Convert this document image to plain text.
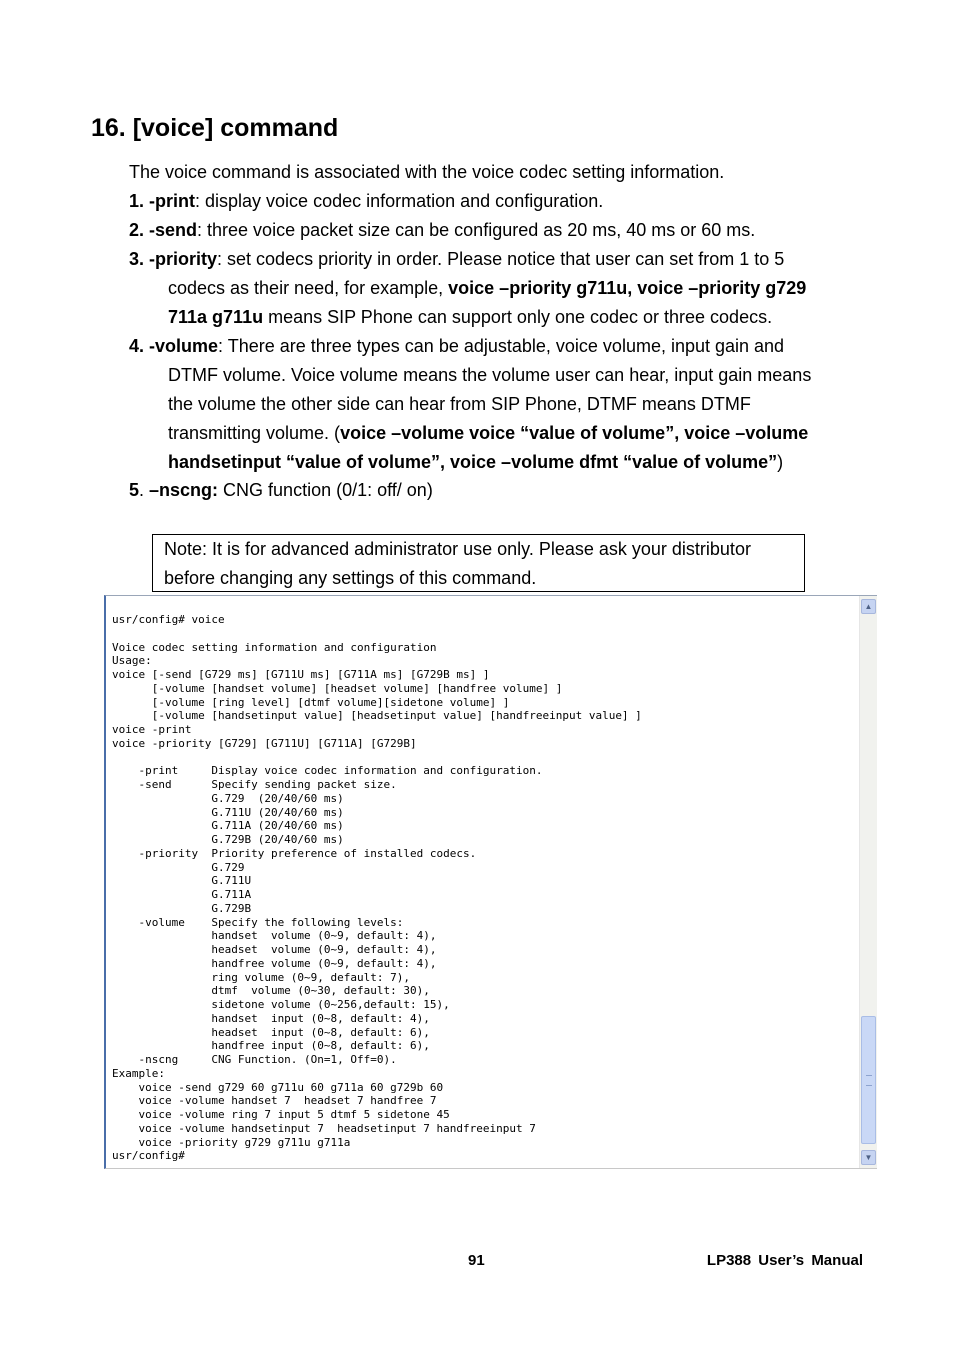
16. [voice] command
The voice command is associated with the voice codec setting information.
1. -print: display voice codec information and configuration.
2. -send: three voice packet size can be configured as 20 ms, 40 ms or 60 ms.
3. -priority: set codecs priority in order. Please notice that user can set from 1 to 5
codecs as their need, for example, voice –priority g711u, voice –priority g729
711a g711u means SIP Phone can support only one codec or three codecs.
4. -volume: There are three types can be adjustable, voice volume, input gain and
DTMF volume. Voice volume means the volume user can hear, input gain means
the volume the other side can hear from SIP Phone, DTMF means DTMF
transmitting volume. (voice –volume voice “value of volume”, voice –volume
handsetinput “value of volume”, voice –volume dfmt “value of volume”)
5. –nscng: CNG function (0/1: off/ on)
Note: It is for advanced administrator use only. Please ask your distributor
before changing any settings of this command.
usr/config# voice

Voice codec setting information and configuration
Usage:
voice [-send [G729 ms] [G711U ms] [G711A ms] [G729B ms] ]
[-volume [handset volume] [headset volume] [handfree volume] ]
[-volume [ring level] [dtmf volume][sidetone volume] ]
[-volume [handsetinput value] [headsetinput value] [handfreeinput value] ]
voice -print
voice -priority [G729] [G711U] [G711A] [G729B]

-print     Display voice codec information and configuration.
-send      Specify sending packet size.
G.729  (20/40/60 ms)
G.711U (20/40/60 ms)
G.711A (20/40/60 ms)
G.729B (20/40/60 ms)
-priority  Priority preference of installed codecs.
G.729
G.711U
G.711A
G.729B
-volume    Specify the following levels:
handset  volume (0~9, default: 4),
headset  volume (0~9, default: 4),
handfree volume (0~9, default: 4),
ring volume (0~9, default: 7),
dtmf  volume (0~30, default: 30),
sidetone volume (0~256,default: 15),
handset  input (0~8, default: 4),
headset  input (0~8, default: 6),
handfree input (0~8, default: 6),
-nscng     CNG Function. (On=1, Off=0).
Example:
voice -send g729 60 g711u 60 g711a 60 g729b 60
voice -volume handset 7  headset 7 handfree 7
voice -volume ring 7 input 5 dtmf 5 sidetone 45
voice -volume handsetinput 7  headsetinput 7 handfreeinput 7
voice -priority g729 g711u g711a
usr/config#
▲
▼
91	LP388 User’s Manual
